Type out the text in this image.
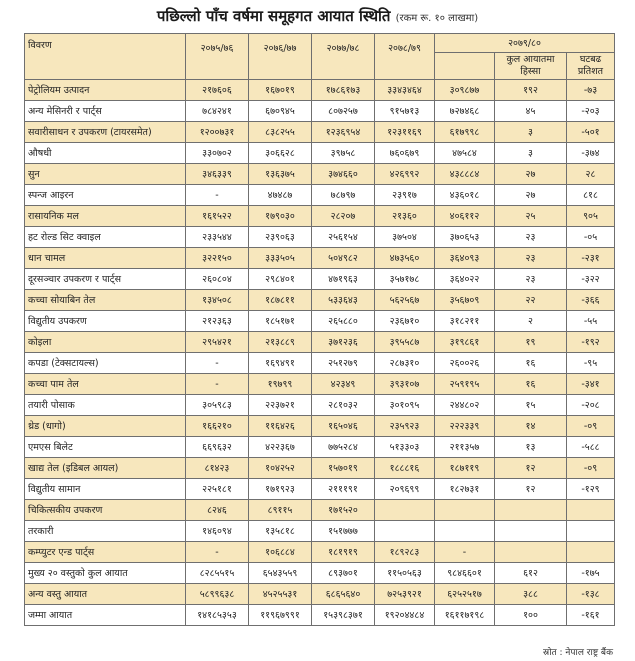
पछिल्लो पाँच वर्षमा समूहगत आयात स्थिति (रकम रू. १० लाखमा)
विवरण	२०७५/७६	२०७६/७७	२०७७/७८	२०७८/७९	२०७९/८०		
						कुल आयातमा हिस्सा	घटबढ प्रतिशत
पेट्रोलियम उत्पादन	२१७६०६	१६७०१९	१७८६१७३	३३४३४६४	३०९८७७	१९२	-७३
अन्य मेसिनरी र पार्ट्स	७८४२४१	६७०९४५	८०७२५७	९१५७१३	७२७४६८	४५	-२०३
सवारीसाधन र उपकरण (टायरसमेत)	१२००७३१	८३८२५५	१२३६९५४	१२३११६९	६१७९९८	३	-५०१
औषधी	३३०७०२	३०६६२८	३९७५८	७६०६७९	४७५८४	३	-३७४
सुन	३४६३३९	१३६३७५	३७४६६०	४२६९९२	४३८८८४	२७	२८
स्पन्ज आइरन	-	४७४८७	७८७९७	२३९१७	४३६०१८	२७	८१८
रासायनिक मल	१६१५२२	१७९०३०	२८२०७	२१३६०	४०६११२	२५	९०५
हट रोल्ड सिट क्वाइल	२३३५४४	२३९०६३	२५६१५४	३७५०४	३७०६५३	२३	-०५
धान चामल	३२२१५०	३३३५०५	५०४९८२	४७३५६०	३६४०९३	२३	-२३१
दूरसञ्चार उपकरण र पार्ट्स	२६०८०४	२९८४०१	४७१९६३	३५७१७८	३६४०२२	२३	-३२२
कच्चा सोयाबिन तेल	१३४५०८	१८७८११	५३३६४३	५६२५६७	३५६७०९	२२	-३६६
विद्युतीय उपकरण	२१२३६३	१८५१७१	२६५८८०	२३६७१०	३१८२११	२	-५५
कोइला	२९५४२१	२१३८८९	३७१२३६	३९५५८७	३१९८६१	१९	-१९२
कपडा (टेक्सटायल्स)	-	१६९४९१	२५१२७९	२८७३१०	२६००२६	१६	-९५
कच्चा पाम तेल	-	१९७९९	४२३४९	३९३१०७	२५९१९५	१६	-३४१
तयारी पोसाक	३०५९८३	२२३७२१	२८१०३२	३०१०९५	२४४८०२	१५	-२०८
थ्रेड (धागो)	१६६२१०	११६४२६	१६५०४६	२३५९२३	२२२३३९	१४	-०९
एमएस बिलेट	६६९६३२	४२२३६७	७७५२८४	५१३३०३	२११३५७	१३	-५८८
खाद्य तेल (इडिबल आयल)	८१४२३	१०४२५२	१५७०१९	१८८८१६	१८७११९	१२	-०९
विद्युतीय सामान	२२५१८१	१७१९२३	२१११९१	२०९६९९	१८२७३१	१२	-१२९
चिकित्सकीय उपकरण	८२४६	८९११५	१७१५२०				
तरकारी	१४६०९४	१३५८१८	१५१७७७				
कम्प्युटर एन्ड पार्ट्स	-	१०६८८४	१८१९१९	१८९२८३	-		
मुख्य २० वस्तुको कुल आयात	८२८५५१५	६५४३५५९	८९३७०१	११५०५६३	९८४६६०१	६१२	-१७५
अन्य वस्तु आयात	५८९९६३८	४५२५५३१	६८६५६४०	७२५३९२१	६२५२५१७	३८८	-१३८
जम्मा आयात	१४१८५३५३	११९६७९९१	१५३९८३७१	१९२०४४८४	१६११७१९८	१००	-१६१
स्रोत : नेपाल राष्ट्र बैंक
